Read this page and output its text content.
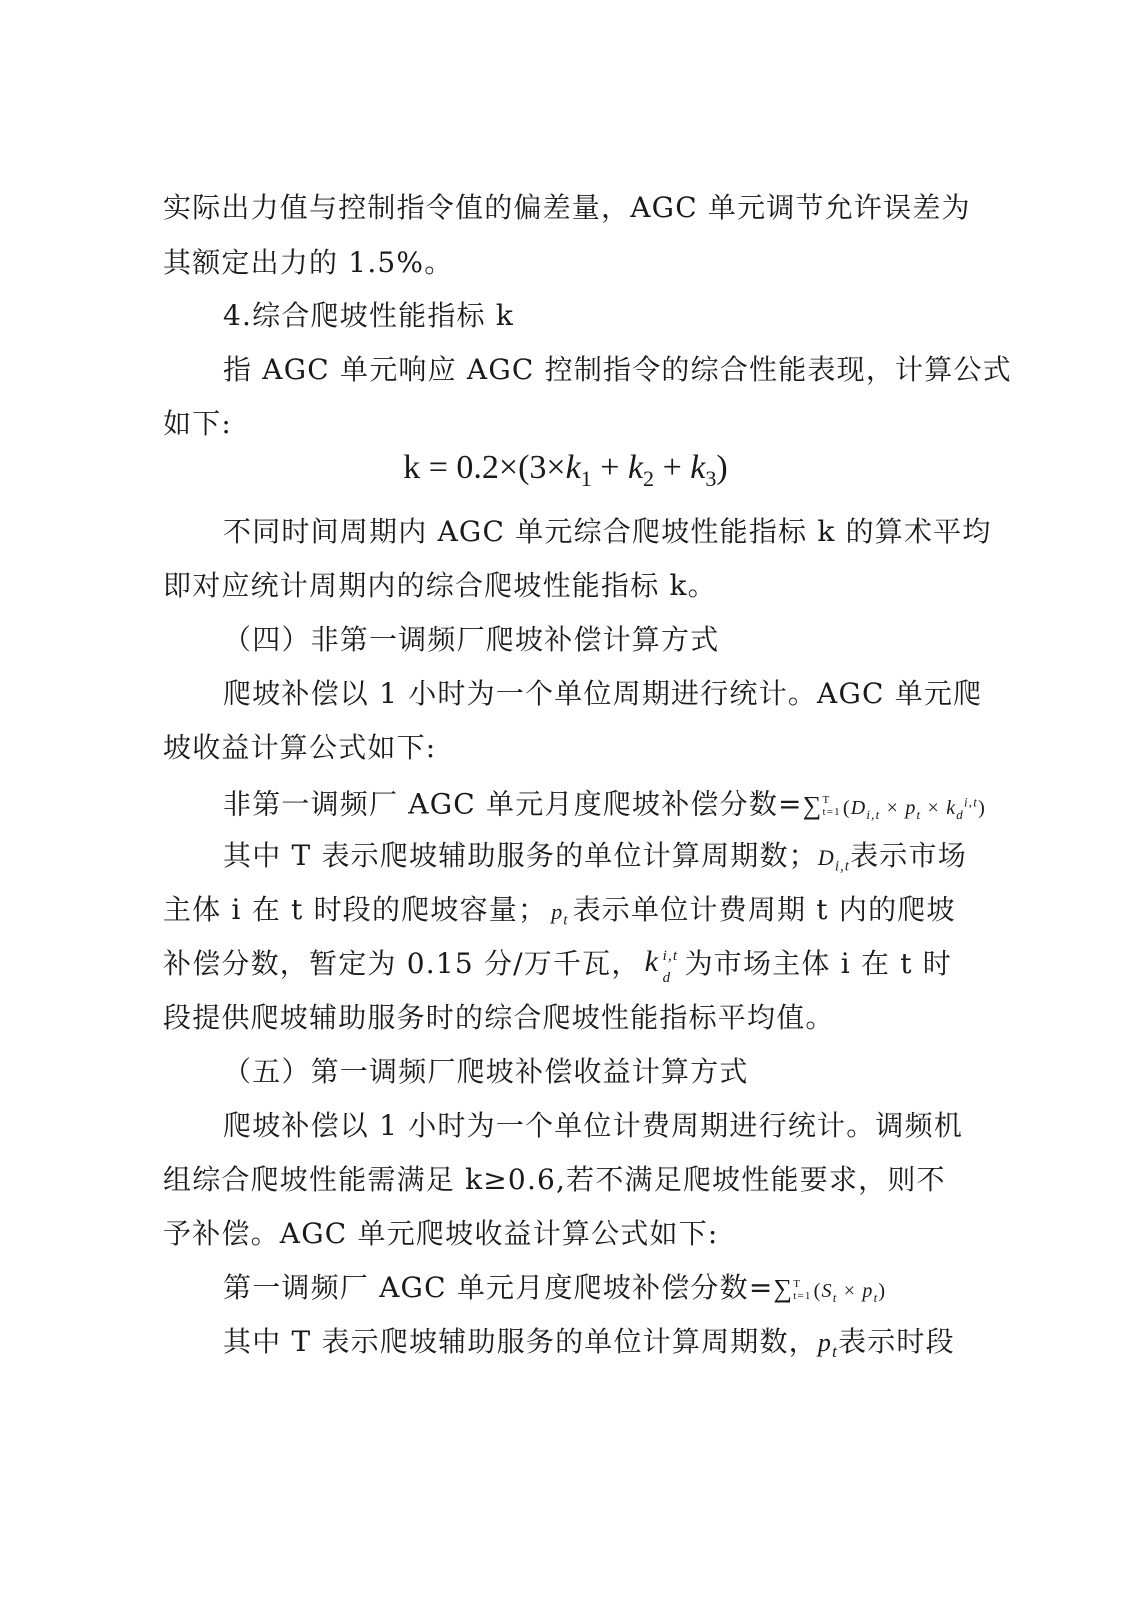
实际出力值与控制指令值的偏差量，AGC 单元调节允许误差为
其额定出力的 1.5%。
4.综合爬坡性能指标 k
指 AGC 单元响应 AGC 控制指令的综合性能表现，计算公式
如下:
$k = 0.2\times(3\times k_1 + k_2 + k_3)$
不同时间周期内 AGC 单元综合爬坡性能指标 k 的算术平均
即对应统计周期内的综合爬坡性能指标 k。
（四）非第一调频厂爬坡补偿计算方式
爬坡补偿以 1 小时为一个单位周期进行统计。AGC 单元爬
坡收益计算公式如下:
非第一调频厂 AGC 单元月度爬坡补偿分数=∑ T
t=1 $(D_{i,t} \times p_t \times k_d^{i,t})$
其中 T 表示爬坡辅助服务的单位计算周期数；$D_{i,t}$表示市场
主体 i 在 t 时段的爬坡容量； $p_t$ 表示单位计费周期 t 内的爬坡
补偿分数，暂定为 0.15 分/万千瓦， k i,t
d 为市场主体 i 在 t 时
段提供爬坡辅助服务时的综合爬坡性能指标平均值。
（五）第一调频厂爬坡补偿收益计算方式
爬坡补偿以 1 小时为一个单位计费周期进行统计。调频机
组综合爬坡性能需满足 k≥0.6,若不满足爬坡性能要求，则不
予补偿。AGC 单元爬坡收益计算公式如下:
第一调频厂 AGC 单元月度爬坡补偿分数=∑ T
t=1 $(S_t \times p_t)$
其中 T 表示爬坡辅助服务的单位计算周期数，$p_t$表示时段
